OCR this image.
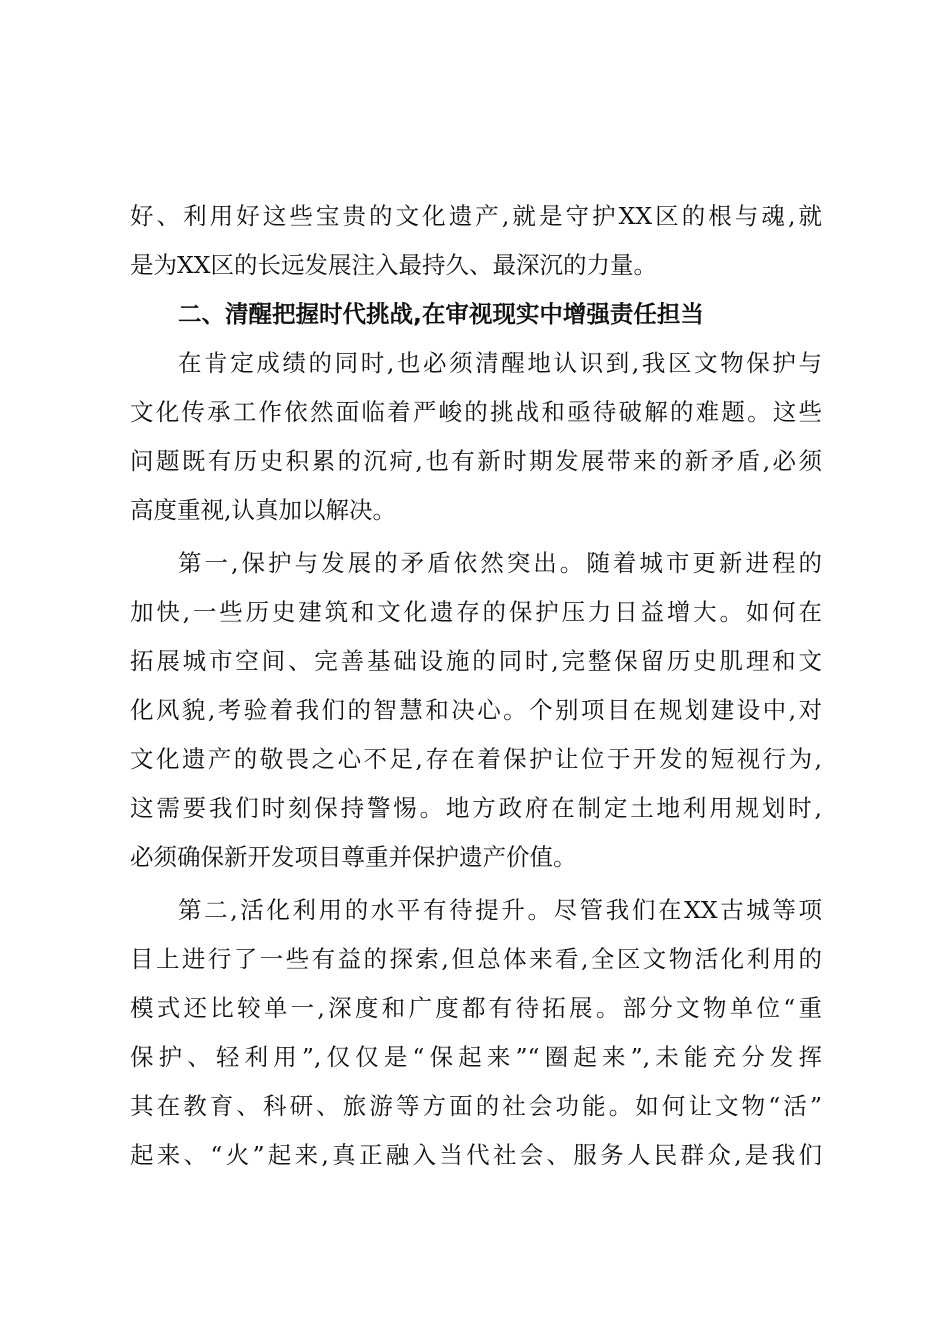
好、利用好这些宝贵的文化遗产,就是守护XX区的根与魂,就
是为XX区的长远发展注入最持久、最深沉的力量。
二、清醒把握时代挑战,在审视现实中增强责任担当
在肯定成绩的同时,也必须清醒地认识到,我区文物保护与
文化传承工作依然面临着严峻的挑战和亟待破解的难题。这些
问题既有历史积累的沉疴,也有新时期发展带来的新矛盾,必须
高度重视,认真加以解决。
第一,保护与发展的矛盾依然突出。随着城市更新进程的
加快,一些历史建筑和文化遗存的保护压力日益增大。如何在
拓展城市空间、完善基础设施的同时,完整保留历史肌理和文
化风貌,考验着我们的智慧和决心。个别项目在规划建设中,对
文化遗产的敬畏之心不足,存在着保护让位于开发的短视行为,
这需要我们时刻保持警惕。地方政府在制定土地利用规划时,
必须确保新开发项目尊重并保护遗产价值。
第二,活化利用的水平有待提升。尽管我们在XX古城等项
目上进行了一些有益的探索,但总体来看,全区文物活化利用的
模式还比较单一,深度和广度都有待拓展。部分文物单位“重
保护、轻利用”,仅仅是“保起来”“圈起来”,未能充分发挥
其在教育、科研、旅游等方面的社会功能。如何让文物“活”
起来、“火”起来,真正融入当代社会、服务人民群众,是我们
